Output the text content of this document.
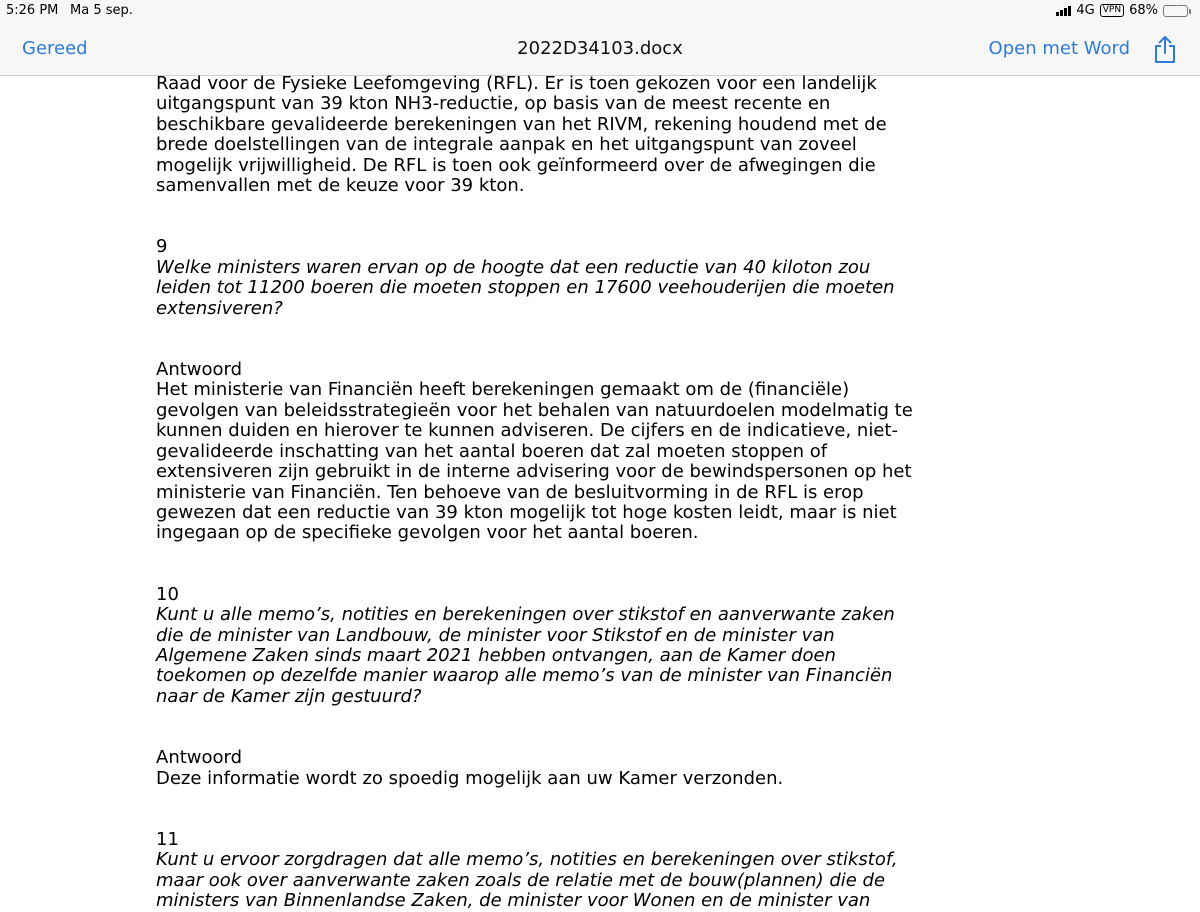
5:26 PM Ma 5 sep.	4G VPN 68% ⚡
Gereed	2022D34103.docx	Open met Word

Raad voor de Fysieke Leefomgeving (RFL). Er is toen gekozen voor een landelijk uitgangspunt van 39 kton NH3-reductie, op basis van de meest recente en beschikbare gevalideerde berekeningen van het RIVM, rekening houdend met de brede doelstellingen van de integrale aanpak en het uitgangspunt van zoveel mogelijk vrijwilligheid. De RFL is toen ook geïnformeerd over de afwegingen die samenvallen met de keuze voor 39 kton.

9

Welke ministers waren ervan op de hoogte dat een reductie van 40 kiloton zou leiden tot 11200 boeren die moeten stoppen en 17600 veehouderijen die moeten extensiveren?

Antwoord

Het ministerie van Financiën heeft berekeningen gemaakt om de (financiële) gevolgen van beleidsstrategieën voor het behalen van natuurdoelen modelmatig te kunnen duiden en hierover te kunnen adviseren. De cijfers en de indicatieve, niet-gevalideerde inschatting van het aantal boeren dat zal moeten stoppen of extensiveren zijn gebruikt in de interne advisering voor de bewindspersonen op het ministerie van Financiën. Ten behoeve van de besluitvorming in de RFL is erop gewezen dat een reductie van 39 kton mogelijk tot hoge kosten leidt, maar is niet ingegaan op de specifieke gevolgen voor het aantal boeren.

10

Kunt u alle memo’s, notities en berekeningen over stikstof en aanverwante zaken die de minister van Landbouw, de minister voor Stikstof en de minister van Algemene Zaken sinds maart 2021 hebben ontvangen, aan de Kamer doen toekomen op dezelfde manier waarop alle memo’s van de minister van Financiën naar de Kamer zijn gestuurd?

Antwoord

Deze informatie wordt zo spoedig mogelijk aan uw Kamer verzonden.

11

Kunt u ervoor zorgdragen dat alle memo’s, notities en berekeningen over stikstof, maar ook over aanverwante zaken zoals de relatie met de bouw(plannen) die de ministers van Binnenlandse Zaken, de minister voor Wonen en de minister van
